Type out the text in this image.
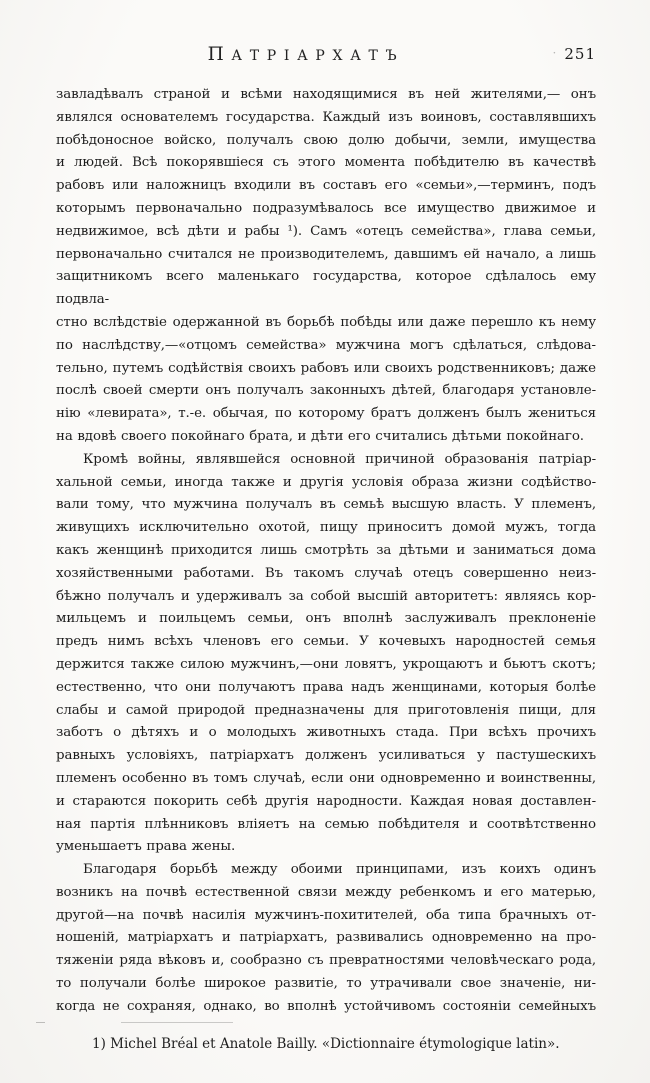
ПАТРІАРХАТЪ	· 251
завладѣвалъ страной и всѣми находящимися въ ней жителями,— онъ
являлся основателемъ государства. Каждый изъ воиновъ, составлявшихъ
побѣдоносное войско, получалъ свою долю добычи, земли, имущества
и людей. Всѣ покорявшіеся съ этого момента побѣдителю въ качествѣ
рабовъ или наложницъ входили въ составъ его «семьи»,—терминъ, подъ
которымъ первоначально подразумѣвалось все имущество движимое и
недвижимое, всѣ дѣти и рабы ¹). Самъ «отецъ семейства», глава семьи,
первоначально считался не производителемъ, давшимъ ей начало, а лишь
защитникомъ всего маленькаго государства, которое сдѣлалось ему подвла-
стно вслѣдствіе одержанной въ борьбѣ побѣды или даже перешло къ нему
по наслѣдству,—«отцомъ семейства» мужчина могъ сдѣлаться, слѣдова-
тельно, путемъ содѣйствія своихъ рабовъ или своихъ родственниковъ; даже
послѣ своей смерти онъ получалъ законныхъ дѣтей, благодаря установле-
нію «левирата», т.-е. обычая, по которому братъ долженъ былъ жениться
на вдовѣ своего покойнаго брата, и дѣти его считались дѣтьми покойнаго.
Кромѣ войны, являвшейся основной причиной образованія патріар-
хальной семьи, иногда также и другія условія образа жизни содѣйство-
вали тому, что мужчина получалъ въ семьѣ высшую власть. У племенъ,
живущихъ исключительно охотой, пищу приноситъ домой мужъ, тогда
какъ женщинѣ приходится лишь смотрѣть за дѣтьми и заниматься дома
хозяйственными работами. Въ такомъ случаѣ отецъ совершенно неиз-
бѣжно получалъ и удерживалъ за собой высшій авторитетъ: являясь кор-
мильцемъ и поильцемъ семьи, онъ вполнѣ заслуживалъ преклоненіе
предъ нимъ всѣхъ членовъ его семьи. У кочевыхъ народностей семья
держится также силою мужчинъ,—они ловятъ, укрощаютъ и бьютъ скотъ;
естественно, что они получаютъ права надъ женщинами, которыя болѣе
слабы и самой природой предназначены для приготовленія пищи, для
заботъ о дѣтяхъ и о молодыхъ животныхъ стада. При всѣхъ прочихъ
равныхъ условіяхъ, патріархатъ долженъ усиливаться у пастушескихъ
племенъ особенно въ томъ случаѣ, если они одновременно и воинственны,
и стараются покорить себѣ другія народности. Каждая новая доставлен-
ная партія плѣнниковъ вліяетъ на семью побѣдителя и соотвѣтственно
уменьшаетъ права жены.
Благодаря борьбѣ между обоими принципами, изъ коихъ одинъ
возникъ на почвѣ естественной связи между ребенкомъ и его матерью,
другой—на почвѣ насилія мужчинъ-похитителей, оба типа брачныхъ от-
ношеній, матріархатъ и патріархатъ, развивались одновременно на про-
тяженіи ряда вѣковъ и, сообразно съ превратностями человѣческаго рода,
то получали болѣе широкое развитіе, то утрачивали свое значеніе, ни-
когда не сохраняя, однако, во вполнѣ устойчивомъ состояніи семейныхъ
1) Michel Bréal et Anatole Bailly. «Dictionnaire étymologique latin».
